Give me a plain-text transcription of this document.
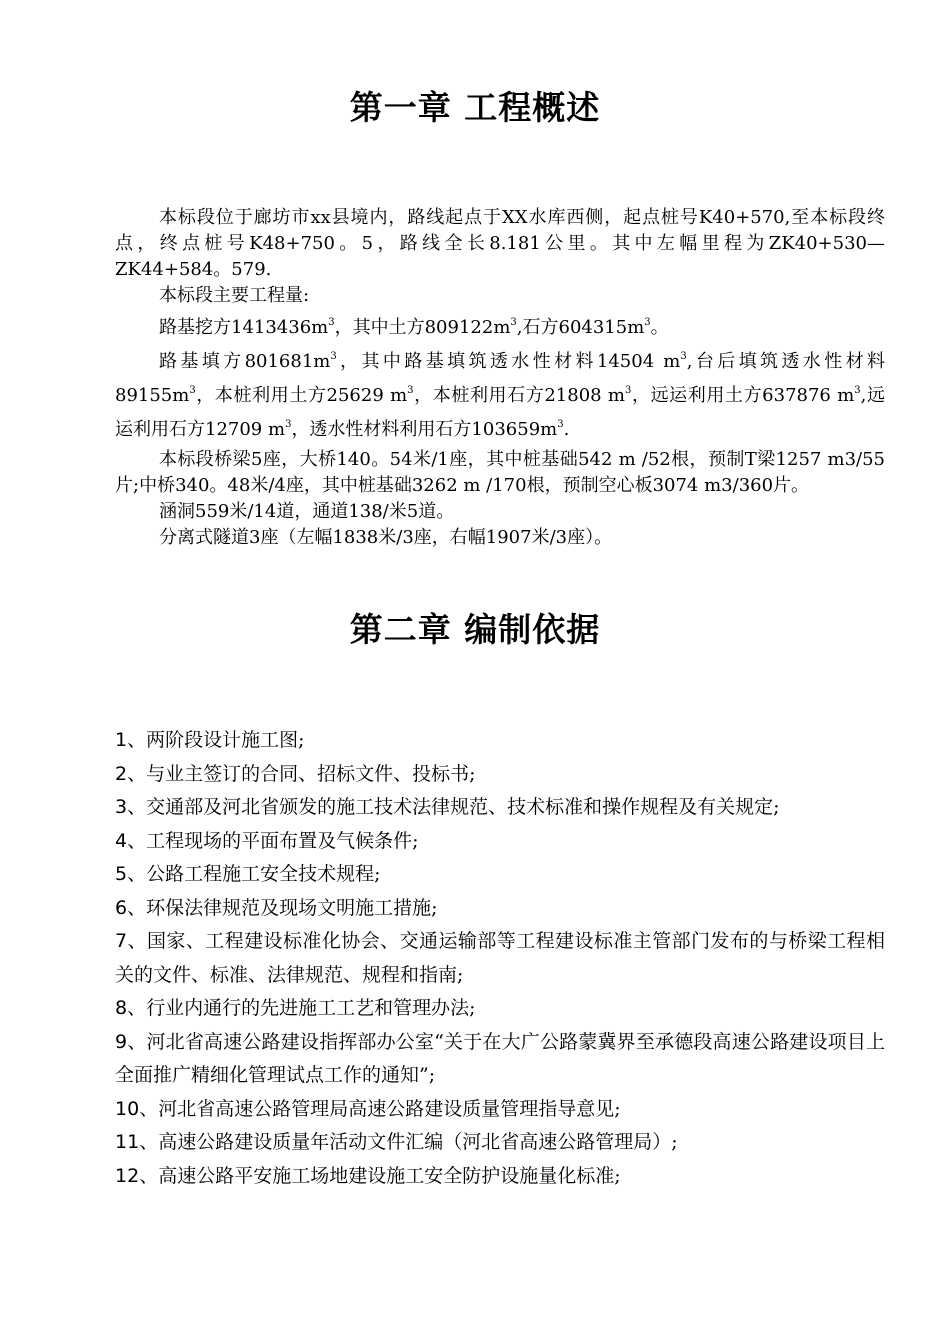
第一章 工程概述

本标段位于廊坊市xx县境内，路线起点于XX水库西侧，起点桩号K40+570,至本标段终点，终点桩号K48+750。5，路线全长8.181公里。其中左幅里程为ZK40+530—ZK44+584。579.

本标段主要工程量:

路基挖方$1413436m^3$，其中土方$809122m^3$,石方$604315m^3$。

路基填方$801681m^3$，其中路基填筑透水性材料14504 $m^3$,台后填筑透水性材料$89155m^3$，本桩利用土方25629 $m^3$，本桩利用石方21808 $m^3$，远运利用土方637876 $m^3$,远运利用石方12709 $m^3$，透水性材料利用石方$103659m^3$.

本标段桥梁5座，大桥140。54米/1座，其中桩基础542 m /52根，预制T梁1257 m3/55片;中桥340。48米/4座，其中桩基础3262 m /170根，预制空心板3074 m3/360片。

涵洞559米/14道，通道138/米5道。

分离式隧道3座（左幅1838米/3座，右幅1907米/3座）。

第二章 编制依据

1、两阶段设计施工图;

2、与业主签订的合同、招标文件、投标书;

3、交通部及河北省颁发的施工技术法律规范、技术标准和操作规程及有关规定;

4、工程现场的平面布置及气候条件;

5、公路工程施工安全技术规程;

6、环保法律规范及现场文明施工措施;

7、国家、工程建设标准化协会、交通运输部等工程建设标准主管部门发布的与桥梁工程相关的文件、标准、法律规范、规程和指南;

8、行业内通行的先进施工工艺和管理办法;

9、河北省高速公路建设指挥部办公室“关于在大广公路蒙冀界至承德段高速公路建设项目上全面推广精细化管理试点工作的通知”;

10、河北省高速公路管理局高速公路建设质量管理指导意见;

11、高速公路建设质量年活动文件汇编（河北省高速公路管理局）;

12、高速公路平安施工场地建设施工安全防护设施量化标准;
